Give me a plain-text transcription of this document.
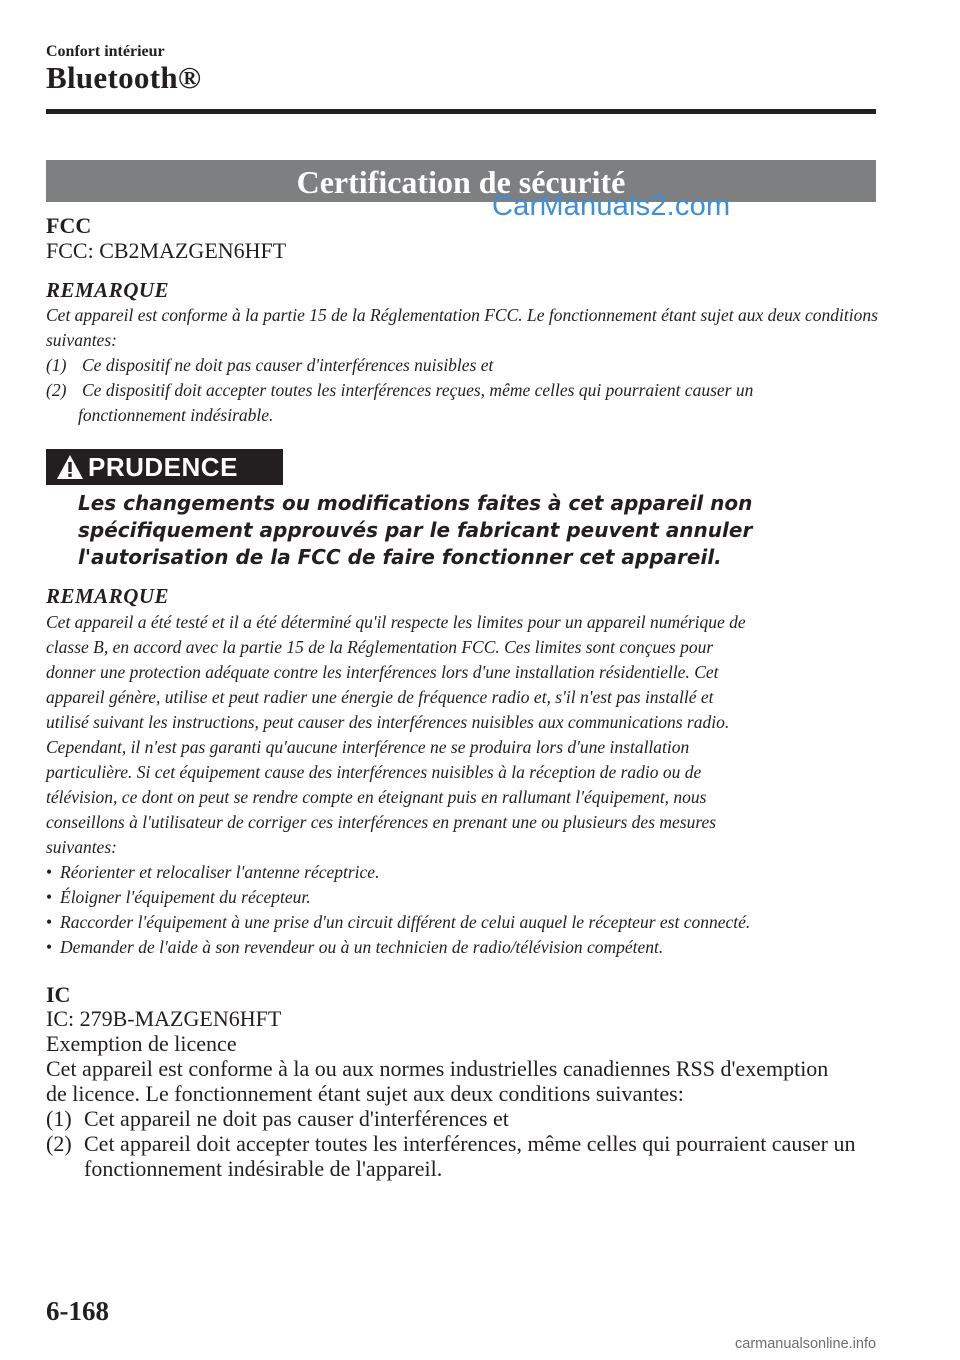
Confort intérieur
Bluetooth®
Certification de sécurité
CarManuals2.com
FCC
FCC: CB2MAZGEN6HFT
REMARQUE
Cet appareil est conforme à la partie 15 de la Réglementation FCC. Le fonctionnement étant sujet aux deux conditions suivantes:
(1) Ce dispositif ne doit pas causer d'interférences nuisibles et
(2) Ce dispositif doit accepter toutes les interférences reçues, même celles qui pourraient causer un
fonctionnement indésirable.
PRUDENCE
Les changements ou modifications faites à cet appareil non spécifiquement approuvés par le fabricant peuvent annuler l'autorisation de la FCC de faire fonctionner cet appareil.
REMARQUE
Cet appareil a été testé et il a été déterminé qu'il respecte les limites pour un appareil numérique de
classe B, en accord avec la partie 15 de la Réglementation FCC. Ces limites sont conçues pour
donner une protection adéquate contre les interférences lors d'une installation résidentielle. Cet
appareil génère, utilise et peut radier une énergie de fréquence radio et, s'il n'est pas installé et
utilisé suivant les instructions, peut causer des interférences nuisibles aux communications radio.
Cependant, il n'est pas garanti qu'aucune interférence ne se produira lors d'une installation
particulière. Si cet équipement cause des interférences nuisibles à la réception de radio ou de
télévision, ce dont on peut se rendre compte en éteignant puis en rallumant l'équipement, nous
conseillons à l'utilisateur de corriger ces interférences en prenant une ou plusieurs des mesures
suivantes:
• Réorienter et relocaliser l'antenne réceptrice.
• Éloigner l'équipement du récepteur.
• Raccorder l'équipement à une prise d'un circuit différent de celui auquel le récepteur est connecté.
• Demander de l'aide à son revendeur ou à un technicien de radio/télévision compétent.
IC
IC: 279B-MAZGEN6HFT
Exemption de licence
Cet appareil est conforme à la ou aux normes industrielles canadiennes RSS d'exemption
de licence. Le fonctionnement étant sujet aux deux conditions suivantes:
(1) Cet appareil ne doit pas causer d'interférences et
(2) Cet appareil doit accepter toutes les interférences, même celles qui pourraient causer un
fonctionnement indésirable de l'appareil.
6-168
carmanualsonline.info
